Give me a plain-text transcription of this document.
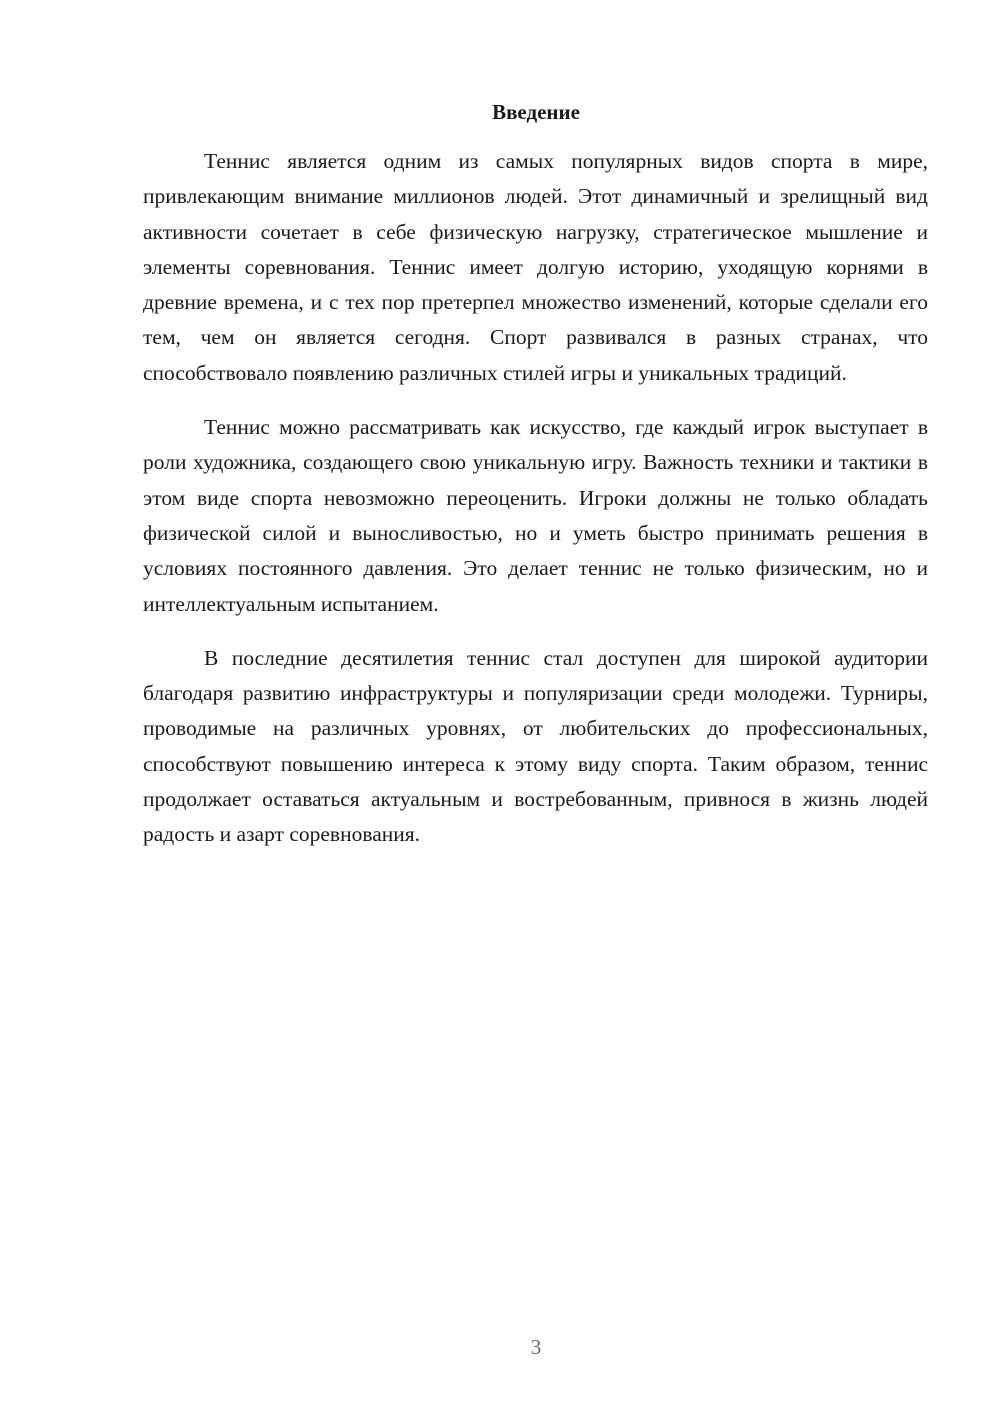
Введение

Теннис является одним из самых популярных видов спорта в мире, привлекающим внимание миллионов людей. Этот динамичный и зрелищный вид активности сочетает в себе физическую нагрузку, стратегическое мышление и элементы соревнования. Теннис имеет долгую историю, уходящую корнями в древние времена, и с тех пор претерпел множество изменений, которые сделали его тем, чем он является сегодня. Спорт развивался в разных странах, что способствовало появлению различных стилей игры и уникальных традиций.

Теннис можно рассматривать как искусство, где каждый игрок выступает в роли художника, создающего свою уникальную игру. Важность техники и тактики в этом виде спорта невозможно переоценить. Игроки должны не только обладать физической силой и выносливостью, но и уметь быстро принимать решения в условиях постоянного давления. Это делает теннис не только физическим, но и интеллектуальным испытанием.

В последние десятилетия теннис стал доступен для широкой аудитории благодаря развитию инфраструктуры и популяризации среди молодежи. Турниры, проводимые на различных уровнях, от любительских до профессиональных, способствуют повышению интереса к этому виду спорта. Таким образом, теннис продолжает оставаться актуальным и востребованным, привнося в жизнь людей радость и азарт соревнования.

3
